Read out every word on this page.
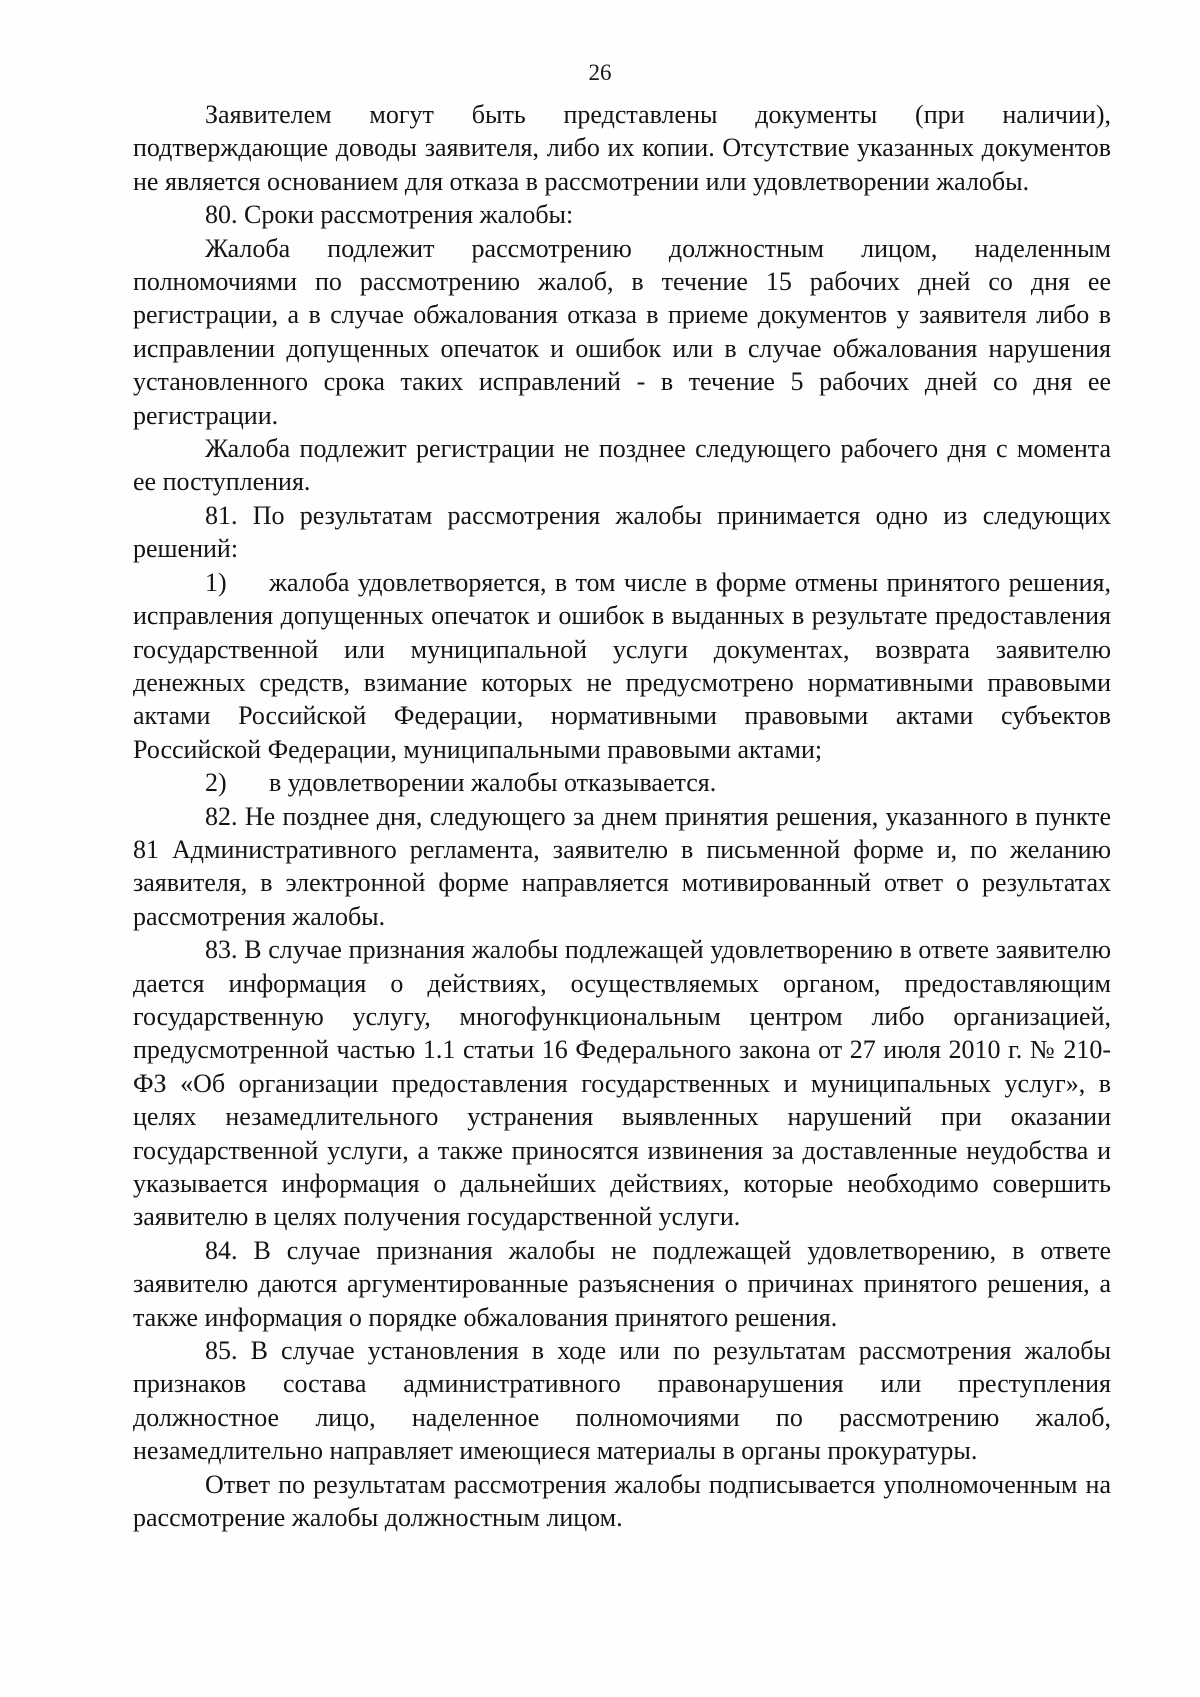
26

Заявителем могут быть представлены документы (при наличии), подтверждающие доводы заявителя, либо их копии. Отсутствие указанных документов не является основанием для отказа в рассмотрении или удовлетворении жалобы.

80. Сроки рассмотрения жалобы:

Жалоба подлежит рассмотрению должностным лицом, наделенным полномочиями по рассмотрению жалоб, в течение 15 рабочих дней со дня ее регистрации, а в случае обжалования отказа в приеме документов у заявителя либо в исправлении допущенных опечаток и ошибок или в случае обжалования нарушения установленного срока таких исправлений - в течение 5 рабочих дней со дня ее регистрации.

Жалоба подлежит регистрации не позднее следующего рабочего дня с момента ее поступления.

81. По результатам рассмотрения жалобы принимается одно из следующих решений:

1) жалоба удовлетворяется, в том числе в форме отмены принятого решения, исправления допущенных опечаток и ошибок в выданных в результате предоставления государственной или муниципальной услуги документах, возврата заявителю денежных средств, взимание которых не предусмотрено нормативными правовыми актами Российской Федерации, нормативными правовыми актами субъектов Российской Федерации, муниципальными правовыми актами;

2) в удовлетворении жалобы отказывается.

82. Не позднее дня, следующего за днем принятия решения, указанного в пункте 81 Административного регламента, заявителю в письменной форме и, по желанию заявителя, в электронной форме направляется мотивированный ответ о результатах рассмотрения жалобы.

83. В случае признания жалобы подлежащей удовлетворению в ответе заявителю дается информация о действиях, осуществляемых органом, предоставляющим государственную услугу, многофункциональным центром либо организацией, предусмотренной частью 1.1 статьи 16 Федерального закона от 27 июля 2010 г. № 210-ФЗ «Об организации предоставления государственных и муниципальных услуг», в целях незамедлительного устранения выявленных нарушений при оказании государственной услуги, а также приносятся извинения за доставленные неудобства и указывается информация о дальнейших действиях, которые необходимо совершить заявителю в целях получения государственной услуги.

84. В случае признания жалобы не подлежащей удовлетворению, в ответе заявителю даются аргументированные разъяснения о причинах принятого решения, а также информация о порядке обжалования принятого решения.

85. В случае установления в ходе или по результатам рассмотрения жалобы признаков состава административного правонарушения или преступления должностное лицо, наделенное полномочиями по рассмотрению жалоб, незамедлительно направляет имеющиеся материалы в органы прокуратуры.

Ответ по результатам рассмотрения жалобы подписывается уполномоченным на рассмотрение жалобы должностным лицом.
